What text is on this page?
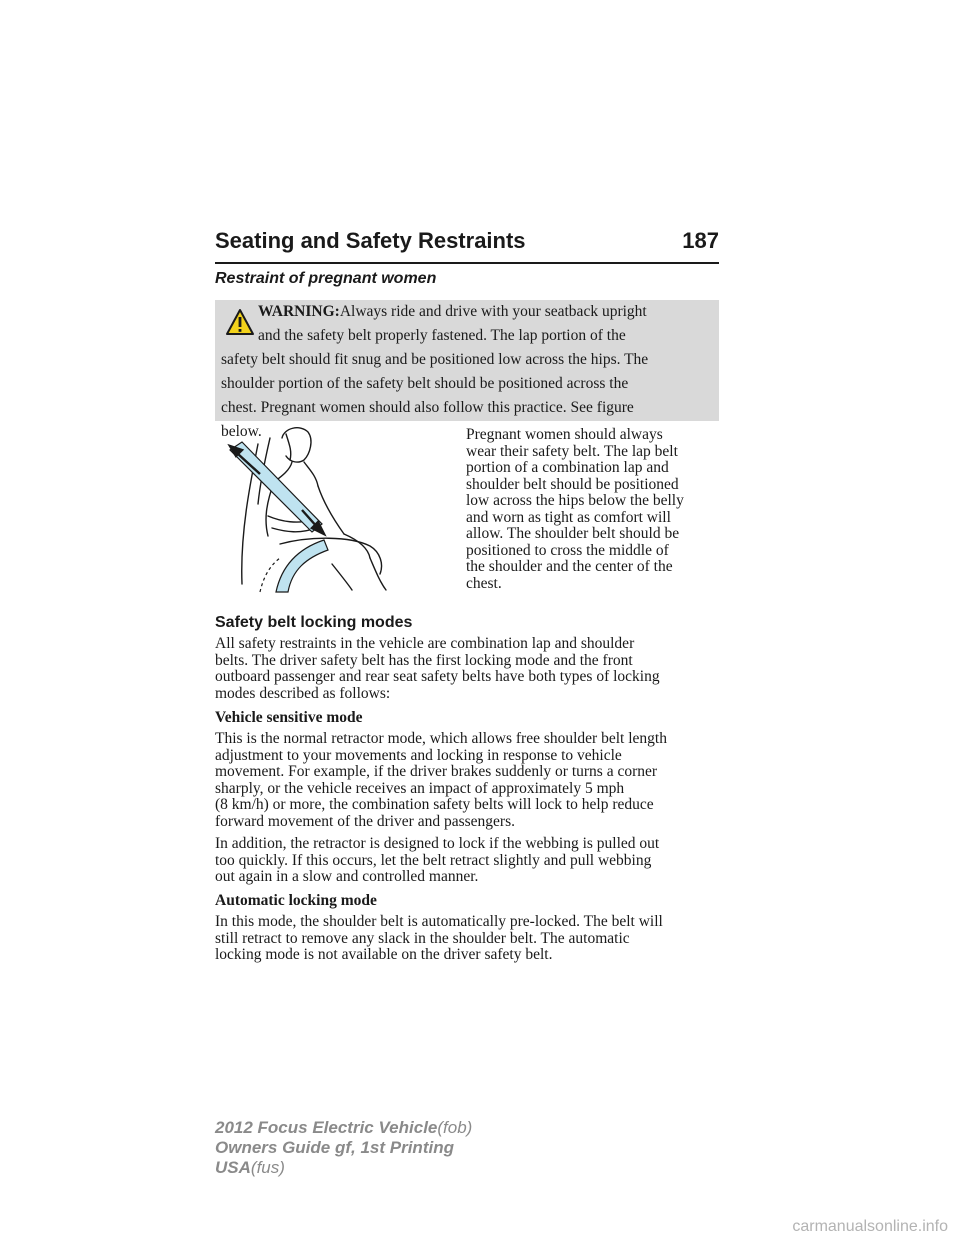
Seating and Safety Restraints	187
Restraint of pregnant women
WARNING:Always ride and drive with your seatback upright
and the safety belt properly fastened. The lap portion of the
safety belt should fit snug and be positioned low across the hips. The
shoulder portion of the safety belt should be positioned across the
chest. Pregnant women should also follow this practice. See figure
below.	Pregnant women should always
wear their safety belt. The lap belt
portion of a combination lap and
shoulder belt should be positioned
low across the hips below the belly
and worn as tight as comfort will
allow. The shoulder belt should be
positioned to cross the middle of
the shoulder and the center of the
chest.
Safety belt locking modes
All safety restraints in the vehicle are combination lap and shoulder
belts. The driver safety belt has the first locking mode and the front
outboard passenger and rear seat safety belts have both types of locking
modes described as follows:
Vehicle sensitive mode
This is the normal retractor mode, which allows free shoulder belt length
adjustment to your movements and locking in response to vehicle
movement. For example, if the driver brakes suddenly or turns a corner
sharply, or the vehicle receives an impact of approximately 5 mph
(8 km/h) or more, the combination safety belts will lock to help reduce
forward movement of the driver and passengers.
In addition, the retractor is designed to lock if the webbing is pulled out
too quickly. If this occurs, let the belt retract slightly and pull webbing
out again in a slow and controlled manner.
Automatic locking mode
In this mode, the shoulder belt is automatically pre-locked. The belt will
still retract to remove any slack in the shoulder belt. The automatic
locking mode is not available on the driver safety belt.
2012 Focus Electric Vehicle(fob)
Owners Guide gf, 1st Printing
USA(fus)
carmanualsonline.info
